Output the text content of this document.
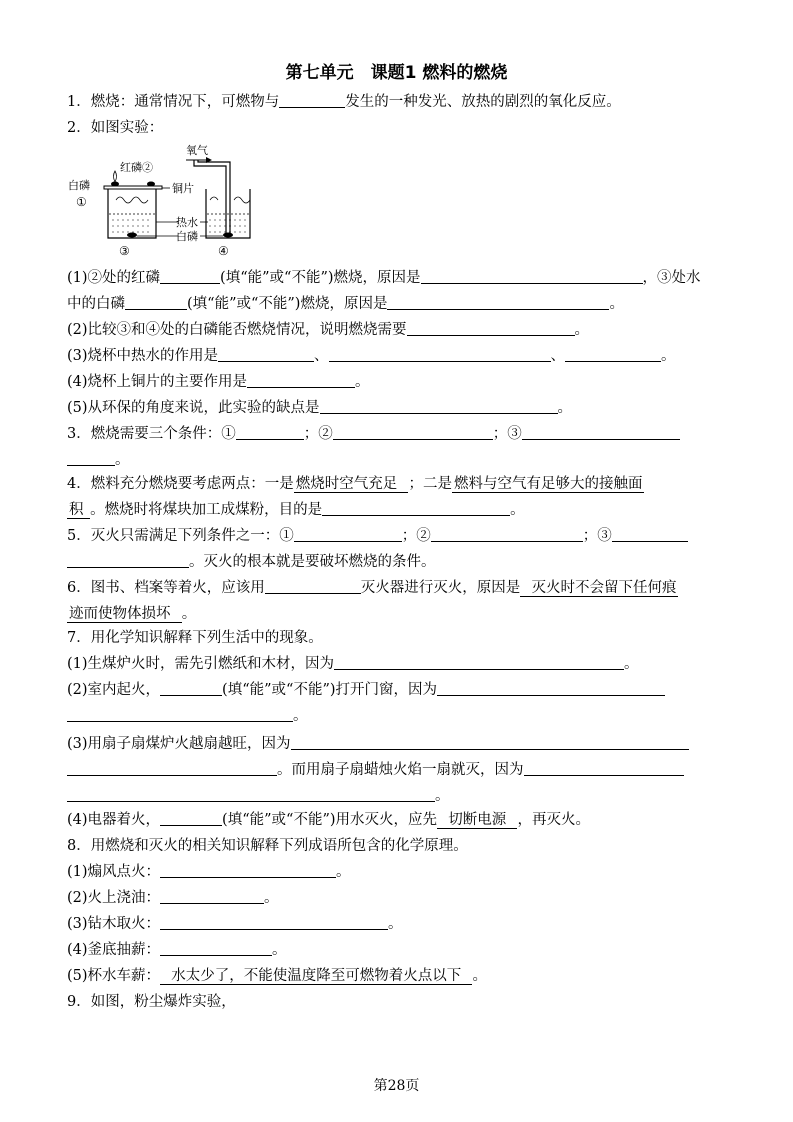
第七单元　课题1 燃料的燃烧
1．燃烧：通常情况下，可燃物与	发生的一种发光、放热的剧烈的氧化反应。
2．如图实验：
氧气
红磷②
白磷
①
铜片
热水
白磷
③	④
(1)②处的红磷	(填“能”或“不能”)燃烧，原因是	，③处水
中的白磷	(填“能”或“不能”)燃烧，原因是	。
(2)比较③和④处的白磷能否燃烧情况，说明燃烧需要	。
(3)烧杯中热水的作用是	、	、	。
(4)烧杯上铜片的主要作用是	。
(5)从环保的角度来说，此实验的缺点是	。
3．燃烧需要三个条件：①	；②	；③
。
4．燃料充分燃烧要考虑两点：一是 燃烧时空气充足 ；二是 燃料与空气有足够大的接触面
积 。燃烧时将煤块加工成煤粉，目的是	。
5．灭火只需满足下列条件之一：①	；②	；③
。灭火的根本就是要破坏燃烧的条件。
6．图书、档案等着火，应该用	灭火器进行灭火，原因是 灭火时不会留下任何痕
迹而使物体损坏 。
7．用化学知识解释下列生活中的现象。
(1)生煤炉火时，需先引燃纸和木材，因为	。
(2)室内起火，	(填“能”或“不能”)打开门窗，因为
。
(3)用扇子扇煤炉火越扇越旺，因为
。而用扇子扇蜡烛火焰一扇就灭，因为
。
(4)电器着火，	(填“能”或“不能”)用水灭火，应先 切断电源 ，再灭火。
8．用燃烧和灭火的相关知识解释下列成语所包含的化学原理。
(1)煽风点火：	。
(2)火上浇油：	。
(3)钻木取火：	。
(4)釜底抽薪：	。
(5)杯水车薪： 水太少了，不能使温度降至可燃物着火点以下 。
9．如图，粉尘爆炸实验，
第28页
